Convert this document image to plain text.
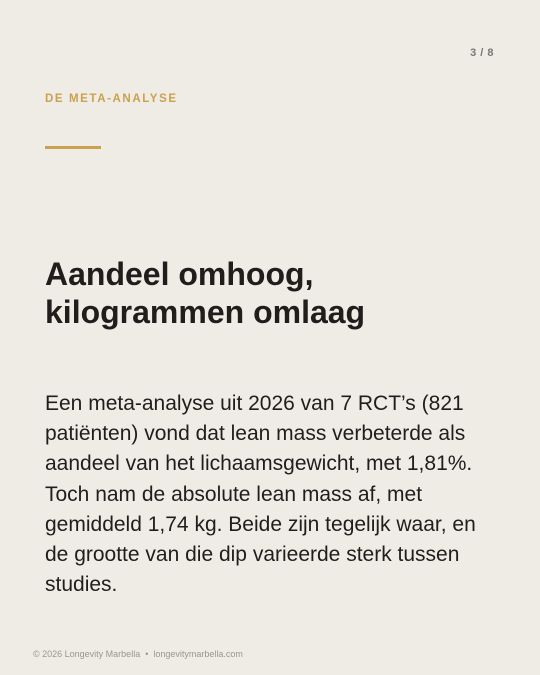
3 / 8
DE META-ANALYSE
Aandeel omhoog,
kilogrammen omlaag

Een meta-analyse uit 2026 van 7 RCT’s (821 patiënten) vond dat lean mass verbeterde als aandeel van het lichaamsgewicht, met 1,81%. Toch nam de absolute lean mass af, met gemiddeld 1,74 kg. Beide zijn tegelijk waar, en de grootte van die dip varieerde sterk tussen studies.

© 2026 Longevity Marbella • longevitymarbella.com
